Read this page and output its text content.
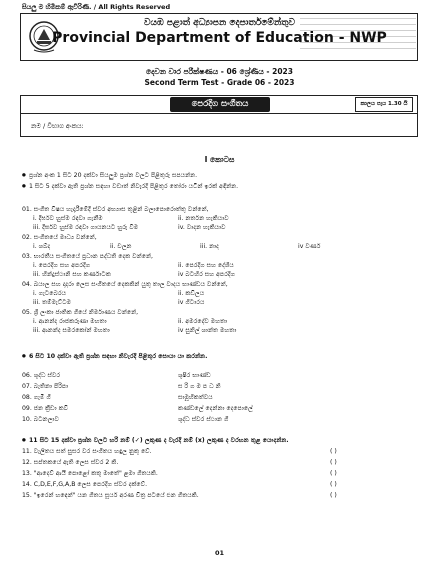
සියලු ම හිමිකම් ඇවිරිණි. / All Rights Reserved
වයඹ පළාත් අධ්‍යාපන දෙපාර්තමේන්තුව
Provincial Department of Education - NWP
දෙවන වාර පරීක්ෂණය - 06 ශ්‍රේණිය - 2023
Second Term Test - Grade 06 - 2023
පෙරදිග සංගීතය	කාලය පැය 1.30 යි
නම / විභාග අංකය:
I කොටස
● ප්‍රශ්න අංක 1 සිට 20 දක්වා සියලුම ප්‍රශ්න වලට පිළිතුරු සපයන්න.
● 1 සිට 5 දක්වා ඇති ප්‍රශ්න සඳහා වඩාත් නිවැරදි පිළිතුර තෝරා යටින් ඉරක් අඳින්න.
01. සංගීත විෂය හැදෑරීමේදී ස්වර අභ්‍යාස තුළින් බලාපොරොත්තු වන්නේ,
i. දීර්ඝව හුස්ම රඳවා ගැනීම	ii. නර්තන හැකියාව
iii. දීර්ඝව හුස්ම රඳවා ගායනයට හුරු වීම	iv. වාදන හැකියාව
02. සංගීතයේ මාධ්‍ය වන්නේ,
i. ශබ්ද	ii. චලන	iii. නාද	iv වර්ණ
03. භාරතීය සංගීතයේ ප්‍රධාන පද්ධති දෙක වන්නේ,
i. පෙරදිග සහ අපරදිග	ii. පෙරදිග සහ දේශීය
iii. හින්දුස්ථානි සහ කර්ණාටක	iv බටහිර සහ අපරදිග
04. ඛයාල සහ දාදරා ලෙස සංගීතයේ දෙකකින් යුතු තාල වාදය භාණ්ඩය වන්නේ,
i. ගැටබෙරය	ii. කඩිලය
iii. තම්මැට්ටම	iv ගිටාරය
05. ශ්‍රී ලංකා ජාතික ගීයේ නිර්මාණය වන්නේ,
i. ආනන්ද රාජකරුණා මහතා	ii. අමරදේව මහතා
iii. ආනන්ද සමරකෝන් මහතා	iv සුනිල් ශාන්ත මහතා
● 6 සිට 10 දක්වා ඇති ප්‍රශ්න සඳහා නිවැරදි පිළිතුර සොයා යා කරන්න.
06. ශුද්ධ ස්වර	ශුෂිර භාණ්ඩ
07. බැතිනා පිරිපා	ස රි ග ම ප ධ නි
08. ගැමි ගී	සාමූහිකත්වය
09. ජන ක්‍රීඩා කවි	කණ්ඩලේ දෙන්නා දෙපොලේ
10. බටනලාව	ශුද්ධ ස්වර ස්ථාන ගී
● 11 සිට 15 දක්වා ප්‍රශ්න වලට හරි නම් (✓) ලකුණ ද වැරදි නම් (x) ලකුණ ද වරහන තුළ යොදන්න.
11. වැලිතය සත් සුසර වර සංගීතය හඳුල නුකු වේ.	( )
12. සප්තකයේ ඇති ලෙස ස්වර 2 කි.	( )
13. "ආදෙව් ආයී පොළෝ කතූ මාතේ" ළමා ගීතයකි.	( )
14. C,D,E,F,G,A,B ලෙස පෙරදිග ස්වර දක්වේ.	( )
15. "ඉරෙන් හඳෙන්" යන ගීතය සූර්ය අරණ චිත්‍ර පටයේ එන ගීතයකි.	( )
01
